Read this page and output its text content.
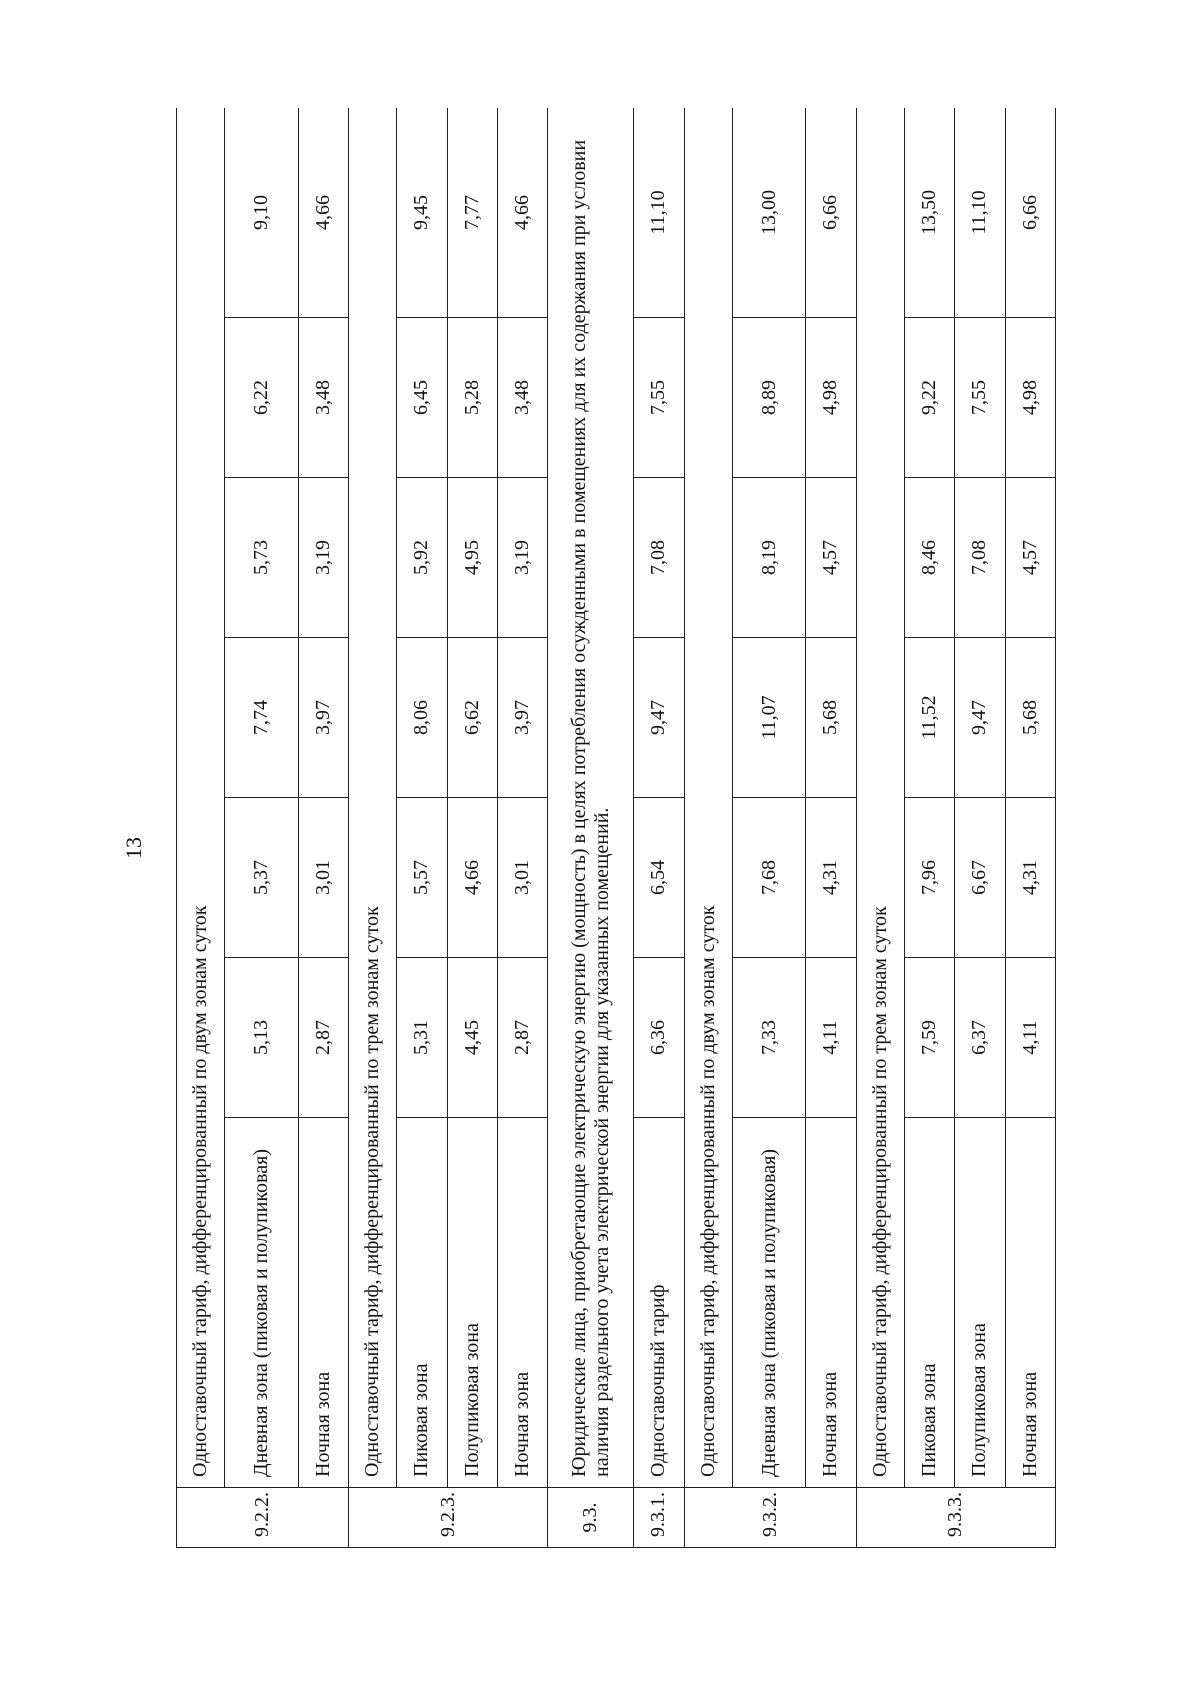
13
9.2.2.	Одноставочный тариф, дифференцированный по двум зонам суток						
	Дневная зона (пиковая и полупиковая)	5,13	5,37	7,74	5,73	6,22	9,10
	Ночная зона	2,87	3,01	3,97	3,19	3,48	4,66
9.2.3.	Одноставочный тариф, дифференцированный по трем зонам суток						
	Пиковая зона	5,31	5,57	8,06	5,92	6,45	9,45
	Полупиковая зона	4,45	4,66	6,62	4,95	5,28	7,77
	Ночная зона	2,87	3,01	3,97	3,19	3,48	4,66
9.3.	Юридические лица, приобретающие электрическую энергию (мощность) в целях потребления осужденными в помещениях для их содержания при условии наличия раздельного учета электрической энергии для указанных помещений.						
9.3.1.	Одноставочный тариф	6,36	6,54	9,47	7,08	7,55	11,10
9.3.2.	Одноставочный тариф, дифференцированный по двум зонам суток						
	Дневная зона (пиковая и полупиковая)	7,33	7,68	11,07	8,19	8,89	13,00
	Ночная зона	4,11	4,31	5,68	4,57	4,98	6,66
9.3.3.	Одноставочный тариф, дифференцированный по трем зонам суток						
	Пиковая зона	7,59	7,96	11,52	8,46	9,22	13,50
	Полупиковая зона	6,37	6,67	9,47	7,08	7,55	11,10
	Ночная зона	4,11	4,31	5,68	4,57	4,98	6,66
